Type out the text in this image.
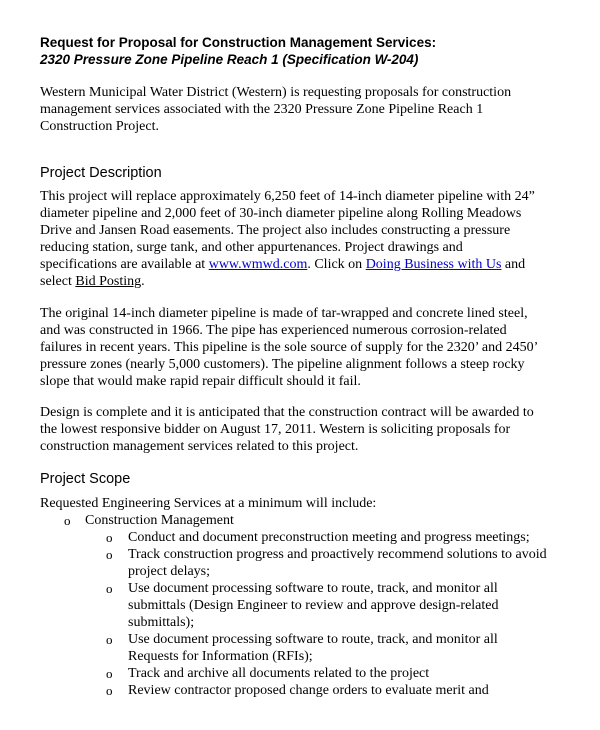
Request for Proposal for Construction Management Services:
2320 Pressure Zone Pipeline Reach 1 (Specification W-204)
Western Municipal Water District (Western) is requesting proposals for construction
management services associated with the 2320 Pressure Zone Pipeline Reach 1
Construction Project.
Project Description
This project will replace approximately 6,250 feet of 14-inch diameter pipeline with 24”
diameter pipeline and 2,000 feet of 30-inch diameter pipeline along Rolling Meadows
Drive and Jansen Road easements. The project also includes constructing a pressure
reducing station, surge tank, and other appurtenances. Project drawings and
specifications are available at www.wmwd.com. Click on Doing Business with Us and
select Bid Posting.
The original 14-inch diameter pipeline is made of tar-wrapped and concrete lined steel,
and was constructed in 1966. The pipe has experienced numerous corrosion-related
failures in recent years. This pipeline is the sole source of supply for the 2320’ and 2450’
pressure zones (nearly 5,000 customers). The pipeline alignment follows a steep rocky
slope that would make rapid repair difficult should it fail.
Design is complete and it is anticipated that the construction contract will be awarded to
the lowest responsive bidder on August 17, 2011. Western is soliciting proposals for
construction management services related to this project.
Project Scope
Requested Engineering Services at a minimum will include:
o Construction Management
o Conduct and document preconstruction meeting and progress meetings;
o Track construction progress and proactively recommend solutions to avoid
project delays;
o Use document processing software to route, track, and monitor all
submittals (Design Engineer to review and approve design-related
submittals);
o Use document processing software to route, track, and monitor all
Requests for Information (RFIs);
o Track and archive all documents related to the project
o Review contractor proposed change orders to evaluate merit and
